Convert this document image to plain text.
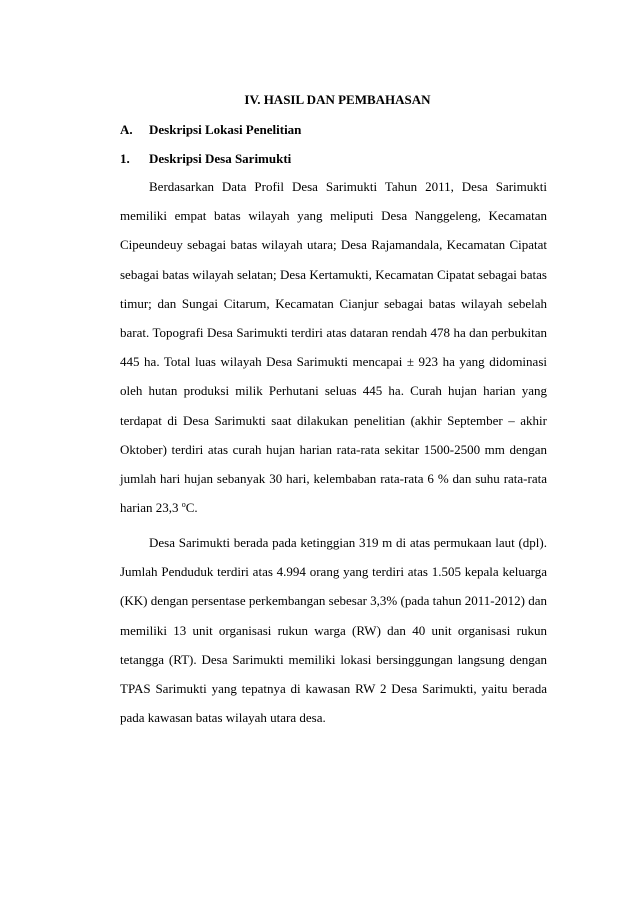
IV. HASIL DAN PEMBAHASAN
A. Deskripsi Lokasi Penelitian
1. Deskripsi Desa Sarimukti

Berdasarkan Data Profil Desa Sarimukti Tahun 2011, Desa Sarimukti memiliki empat batas wilayah yang meliputi Desa Nanggeleng, Kecamatan Cipeundeuy sebagai batas wilayah utara; Desa Rajamandala, Kecamatan Cipatat sebagai batas wilayah selatan; Desa Kertamukti, Kecamatan Cipatat sebagai batas timur; dan Sungai Citarum, Kecamatan Cianjur sebagai batas wilayah sebelah barat. Topografi Desa Sarimukti terdiri atas dataran rendah 478 ha dan perbukitan 445 ha. Total luas wilayah Desa Sarimukti mencapai ± 923 ha yang didominasi oleh hutan produksi milik Perhutani seluas 445 ha. Curah hujan harian yang terdapat di Desa Sarimukti saat dilakukan penelitian (akhir September – akhir Oktober) terdiri atas curah hujan harian rata-rata sekitar 1500-2500 mm dengan jumlah hari hujan sebanyak 30 hari, kelembaban rata-rata 6 % dan suhu rata-rata harian 23,3 $^o$C.

Desa Sarimukti berada pada ketinggian 319 m di atas permukaan laut (dpl). Jumlah Penduduk terdiri atas 4.994 orang yang terdiri atas 1.505 kepala keluarga (KK) dengan persentase perkembangan sebesar 3,3% (pada tahun 2011-2012) dan memiliki 13 unit organisasi rukun warga (RW) dan 40 unit organisasi rukun tetangga (RT). Desa Sarimukti memiliki lokasi bersinggungan langsung dengan TPAS Sarimukti yang tepatnya di kawasan RW 2 Desa Sarimukti, yaitu berada pada kawasan batas wilayah utara desa.
